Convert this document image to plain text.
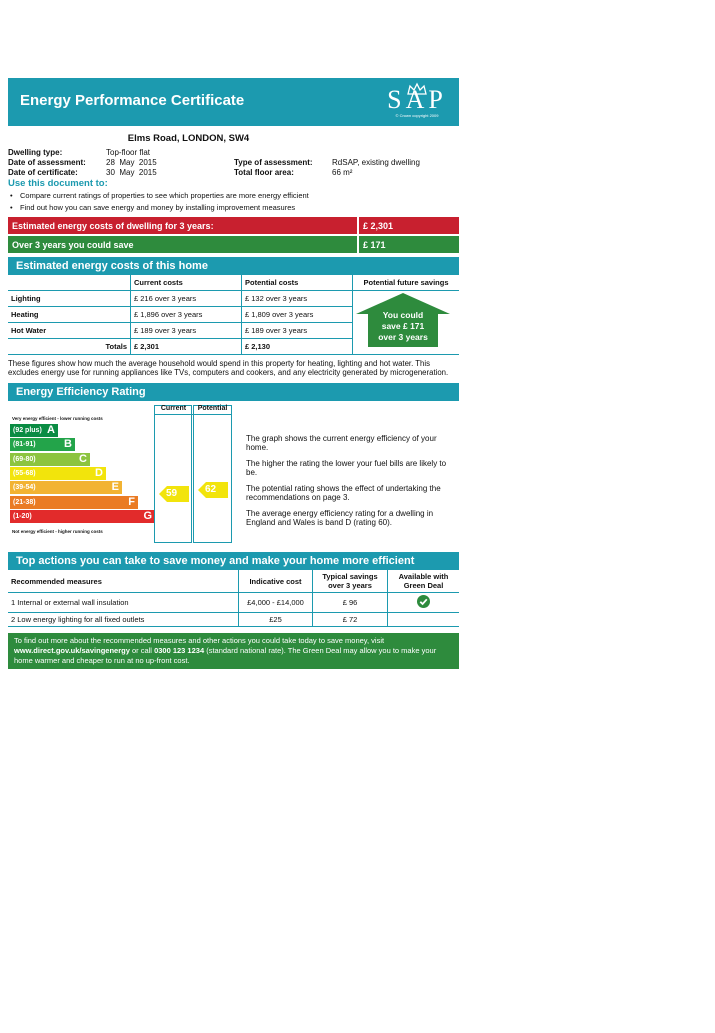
Energy Performance Certificate	SAP
© Crown copyright 2009
Elms Road, LONDON, SW4
Dwelling type:	Top-floor flat
Date of assessment:	28  May  2015
Date of certificate:	30  May  2015
Type of assessment: RdSAP, existing dwelling
Total floor area:	66 m²
Use this document to:
• Compare current ratings of properties to see which properties are more energy efficient
• Find out how you can save energy and money by installing improvement measures
Estimated energy costs of dwelling for 3 years:	£ 2,301
Over 3 years you could save	£ 171
Estimated energy costs of this home
	Current costs	Potential costs	Potential future savings
Lighting	£ 216 over 3 years	£ 132 over 3 years	
Heating	£ 1,896 over 3 years	£ 1,809 over 3 years	
Hot Water	£ 189 over 3 years	£ 189 over 3 years	
Totals	£ 2,301	£ 2,130	
You could
save £ 171
over 3 years
These figures show how much the average household would spend in this property for heating, lighting and hot water. This excludes energy use for running appliances like TVs, computers and cookers, and any electricity generated by microgeneration.
Energy Efficiency Rating
Very energy efficient - lower running costs
(92 plus) A
(81-91)	B
(69-80)	C
(55-68)	D
(39-54)	E
(21-38)	F
(1-20)	G
Not energy efficient - higher running costs
Current	Potential
59	62

The graph shows the current energy efficiency of your home.

The higher the rating the lower your fuel bills are likely to be.

The potential rating shows the effect of undertaking the recommendations on page 3.

The average energy efficiency rating for a dwelling in England and Wales is band D (rating 60).

Top actions you can take to save money and make your home more efficient
Recommended measures	Indicative cost	Typical savings over 3 years	Available with Green Deal
1 Internal or external wall insulation	£4,000 - £14,000	£ 96	
2 Low energy lighting for all fixed outlets	£25	£ 72	
To find out more about the recommended measures and other actions you could take today to save money, visit www.direct.gov.uk/savingenergy or call 0300 123 1234 (standard national rate). The Green Deal may allow you to make your home warmer and cheaper to run at no up-front cost.
